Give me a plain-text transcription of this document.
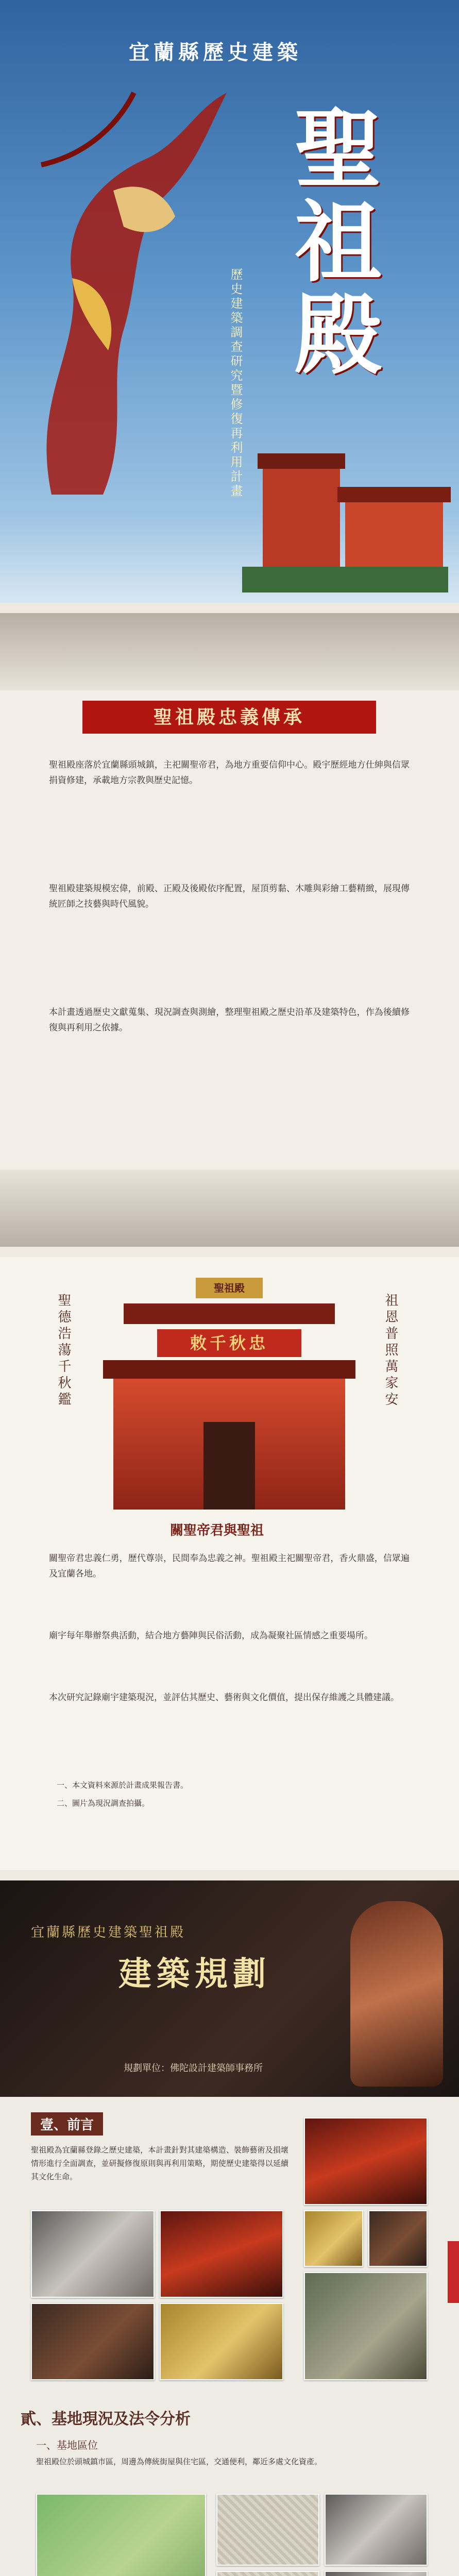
宜蘭縣歷史建築
聖祖殿
歷史建築調查研究暨修復再利用計畫
聖祖殿忠義傳承

聖祖殿座落於宜蘭縣頭城鎮，主祀關聖帝君，為地方重要信仰中心。殿宇歷經地方仕紳與信眾捐資修建，承載地方宗教與歷史記憶。

聖祖殿建築規模宏偉，前殿、正殿及後殿依序配置，屋頂剪黏、木雕與彩繪工藝精緻，展現傳統匠師之技藝與時代風貌。

本計畫透過歷史文獻蒐集、現況調查與測繪，整理聖祖殿之歷史沿革及建築特色，作為後續修復與再利用之依據。

聖德浩蕩千秋鑑	祖恩普照萬家安
聖祖殿
敕千秋忠
關聖帝君與聖祖

關聖帝君忠義仁勇，歷代尊崇，民間奉為忠義之神。聖祖殿主祀關聖帝君，香火鼎盛，信眾遍及宜蘭各地。

廟宇每年舉辦祭典活動，結合地方藝陣與民俗活動，成為凝聚社區情感之重要場所。

本次研究記錄廟宇建築現況，並評估其歷史、藝術與文化價值，提出保存維護之具體建議。

一、本文資料來源於計畫成果報告書。

二、圖片為現況調查拍攝。

宜蘭縣歷史建築聖祖殿
建築規劃
規劃單位：佛陀設計建築師事務所
壹、前言

聖祖殿為宜蘭縣登錄之歷史建築，本計畫針對其建築構造、裝飾藝術及損壞情形進行全面調查，並研擬修復原則與再利用策略，期使歷史建築得以延續其文化生命。

貳、基地現況及法令分析
一、基地區位

聖祖殿位於頭城鎮市區，周邊為傳統街屋與住宅區，交通便利，鄰近多處文化資產。
